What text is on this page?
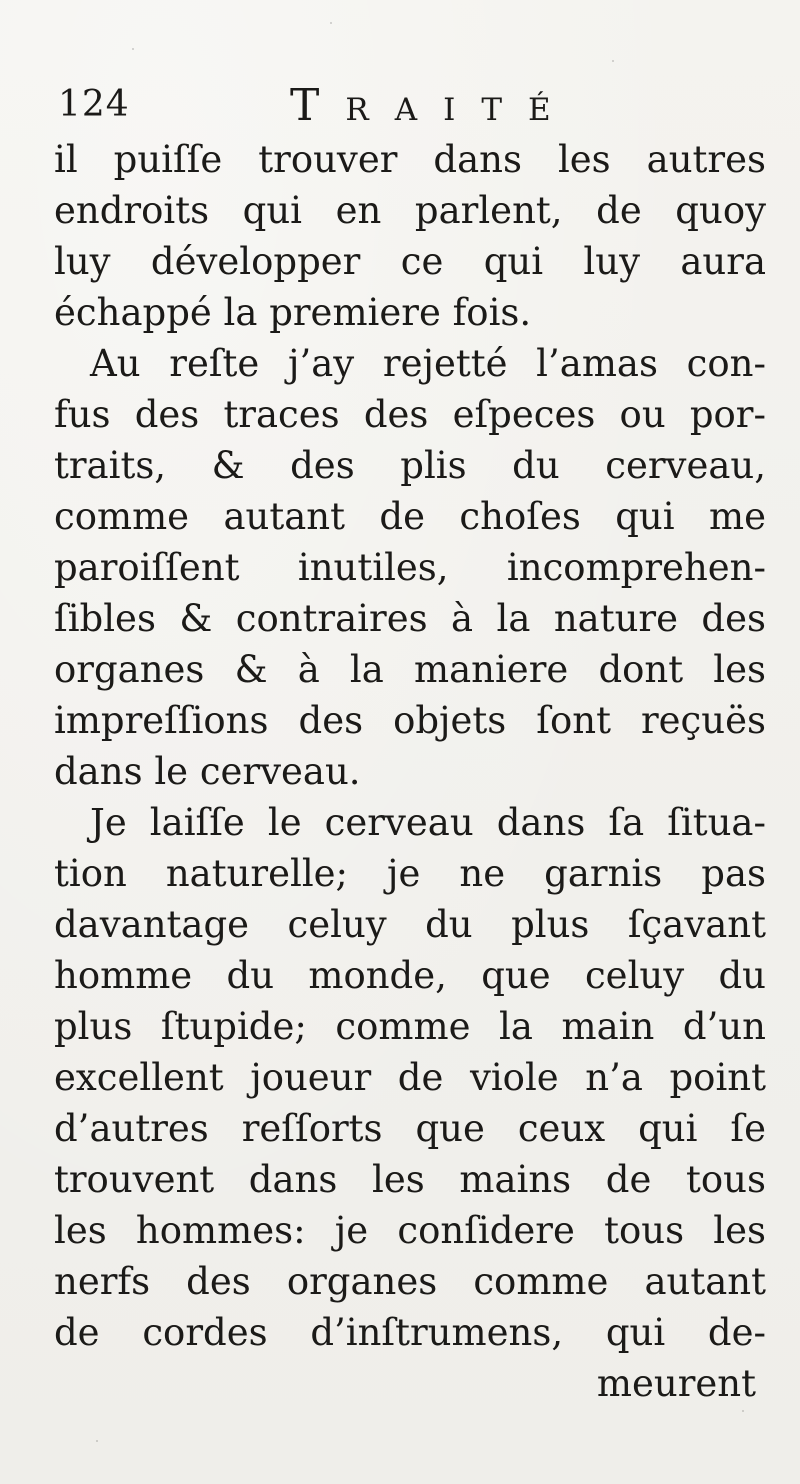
124	Traité
il puiſſe trouver dans les autres
endroits qui en parlent, de quoy
luy développer ce qui luy aura
échappé la premiere fois.
Au reſte j’ay rejetté l’amas con-
fus des traces des eſpeces ou por-
traits, & des plis du cerveau,
comme autant de choſes qui me
paroiſſent inutiles, incomprehen-
ſibles & contraires à la nature des
organes & à la maniere dont les
impreſſions des objets ſont reçuës
dans le cerveau.
Je laiſſe le cerveau dans ſa ſitua-
tion naturelle; je ne garnis pas
davantage celuy du plus ſçavant
homme du monde, que celuy du
plus ſtupide; comme la main d’un
excellent joueur de viole n’a point
d’autres reſſorts que ceux qui ſe
trouvent dans les mains de tous
les hommes: je conſidere tous les
nerfs des organes comme autant
de cordes d’inſtrumens, qui de-
meurent
